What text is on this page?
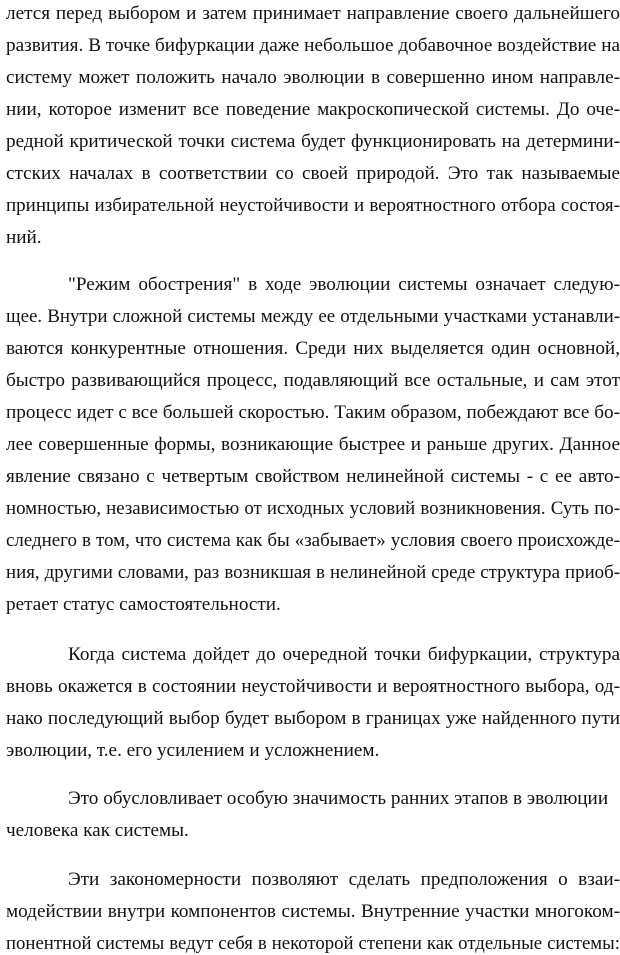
лется перед выбором и затем принимает направление своего дальнейшего
развития. В точке бифуркации даже небольшое добавочное воздействие на
систему может положить начало эволюции в совершенно ином направле-
нии, которое изменит все поведение макроскопической системы. До оче-
редной критической точки система будет функционировать на детермини-
стских началах в соответствии со своей природой. Это так называемые
принципы избирательной неустойчивости и вероятностного отбора состоя-
ний.
"Режим обострения" в ходе эволюции системы означает следую-
щее. Внутри сложной системы между ее отдельными участками устанавли-
ваются конкурентные отношения. Среди них выделяется один основной,
быстро развивающийся процесс, подавляющий все остальные, и сам этот
процесс идет с все большей скоростью. Таким образом, побеждают все бо-
лее совершенные формы, возникающие быстрее и раньше других. Данное
явление связано с четвертым свойством нелинейной системы - с ее авто-
номностью, независимостью от исходных условий возникновения. Суть по-
следнего в том, что система как бы «забывает» условия своего происхожде-
ния, другими словами, раз возникшая в нелинейной среде структура приоб-
ретает статус самостоятельности.
Когда система дойдет до очередной точки бифуркации, структура
вновь окажется в состоянии неустойчивости и вероятностного выбора, од-
нако последующий выбор будет выбором в границах уже найденного пути
эволюции, т.е. его усилением и усложнением.
Это обусловливает особую значимость ранних этапов в эволюции
человека как системы.
Эти закономерности позволяют сделать предположения о взаи-
модействии внутри компонентов системы. Внутренние участки многоком-
понентной системы ведут себя в некоторой степени как отдельные системы:
